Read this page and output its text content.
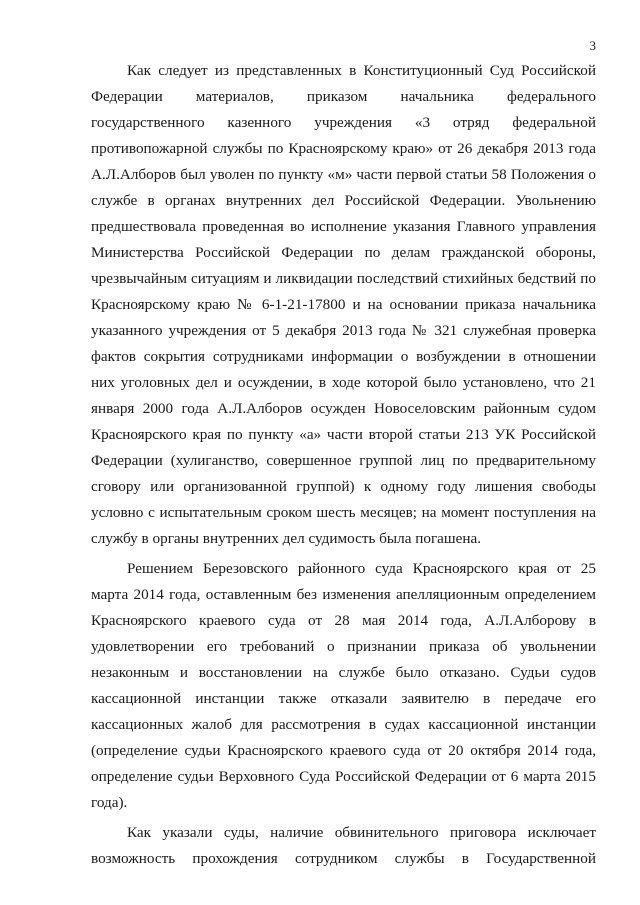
3
Как следует из представленных в Конституционный Суд Российской
Федерации материалов, приказом начальника федерального
государственного казенного учреждения «3 отряд федеральной
противопожарной службы по Красноярскому краю» от 26 декабря 2013 года
А.Л.Алборов был уволен по пункту «м» части первой статьи 58 Положения о
службе в органах внутренних дел Российской Федерации. Увольнению
предшествовала проведенная во исполнение указания Главного управления
Министерства Российской Федерации по делам гражданской обороны,
чрезвычайным ситуациям и ликвидации последствий стихийных бедствий по
Красноярскому краю № 6-1-21-17800 и на основании приказа начальника
указанного учреждения от 5 декабря 2013 года № 321 служебная проверка
фактов сокрытия сотрудниками информации о возбуждении в отношении
них уголовных дел и осуждении, в ходе которой было установлено, что 21
января 2000 года А.Л.Алборов осужден Новоселовским районным судом
Красноярского края по пункту «а» части второй статьи 213 УК Российской
Федерации (хулиганство, совершенное группой лиц по предварительному
сговору или организованной группой) к одному году лишения свободы
условно с испытательным сроком шесть месяцев; на момент поступления на
службу в органы внутренних дел судимость была погашена.
Решением Березовского районного суда Красноярского края от 25
марта 2014 года, оставленным без изменения апелляционным определением
Красноярского краевого суда от 28 мая 2014 года, А.Л.Алборову в
удовлетворении его требований о признании приказа об увольнении
незаконным и восстановлении на службе было отказано. Судьи судов
кассационной инстанции также отказали заявителю в передаче его
кассационных жалоб для рассмотрения в судах кассационной инстанции
(определение судьи Красноярского краевого суда от 20 октября 2014 года,
определение судьи Верховного Суда Российской Федерации от 6 марта 2015
года).
Как указали суды, наличие обвинительного приговора исключает
возможность прохождения сотрудником службы в Государственной
